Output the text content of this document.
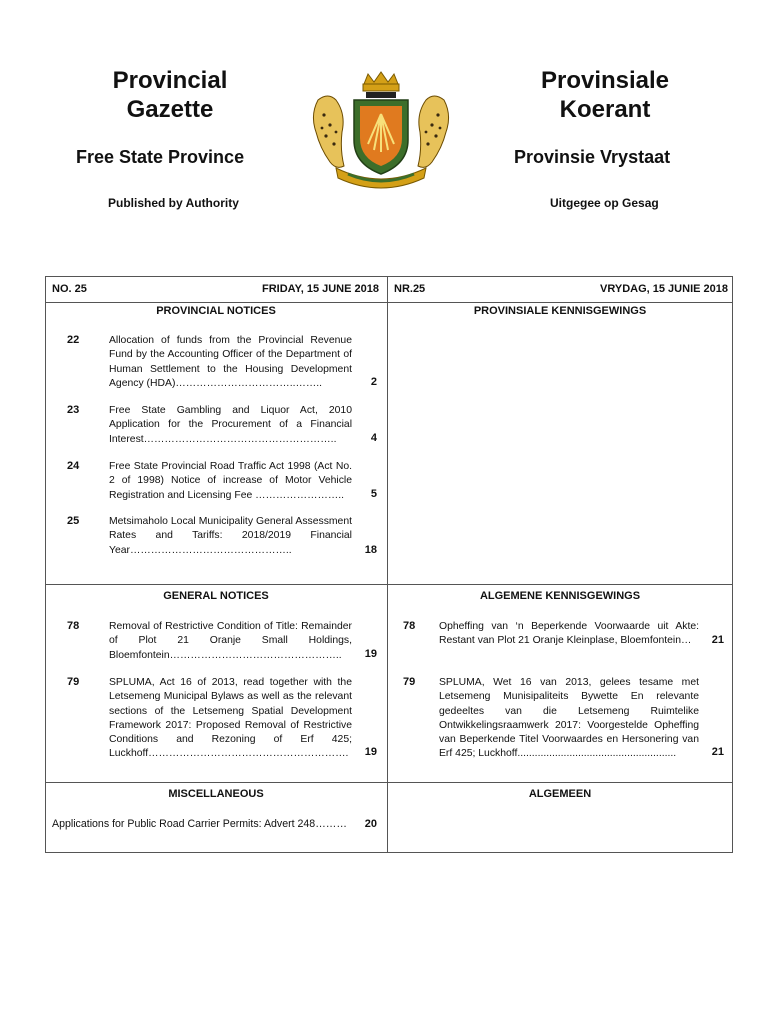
Provincial
Gazette
Provinsiale
Koerant
Free State Province	Provinsie Vrystaat
Published by Authority	Uitgegee op Gesag
NO. 25	FRIDAY, 15 JUNE 2018 NR.25	VRYDAG, 15 JUNIE 2018
PROVINCIAL NOTICES	PROVINSIALE KENNISGEWINGS
22	Allocation of funds from the Provincial Revenue Fund by the Accounting Officer of the Department of Human Settlement to the Housing Development Agency (HDA)……………………………..……..	2
23	Free State Gambling and Liquor Act, 2010 Application for the Procurement of a Financial Interest………………………………………………..	4
24	Free State Provincial Road Traffic Act 1998 (Act No. 2 of 1998) Notice of increase of Motor Vehicle Registration and Licensing Fee ……………………..	5
25	Metsimaholo Local Municipality General Assessment Rates and Tariffs: 2018/2019 Financial Year………………………………………..	18
GENERAL NOTICES	ALGEMENE KENNISGEWINGS
78	Removal of Restrictive Condition of Title: Remainder of Plot 21 Oranje Small Holdings, Bloemfontein…………………………………………..	19
79	SPLUMA, Act 16 of 2013, read together with the Letsemeng Municipal Bylaws as well as the relevant sections of the Letsemeng Spatial Development Framework 2017: Proposed Removal of Restrictive Conditions and Rezoning of Erf 425; Luckhoff………………………………………………….	19
78 Opheffing van ‘n Beperkende Voorwaarde uit Akte: Restant van Plot 21 Oranje Kleinplase, Bloemfontein…	21
79 SPLUMA, Wet 16 van 2013, gelees tesame met Letsemeng Munisipaliteits Bywette En relevante gedeeltes van die Letsemeng Ruimtelike Ontwikkelingsraamwerk 2017: Voorgestelde Opheffing van Beperkende Titel Voorwaardes en Hersonering van Erf 425; Luckhoff.......................................................	21
MISCELLANEOUS	ALGEMEEN
Applications for Public Road Carrier Permits: Advert 248………	20
